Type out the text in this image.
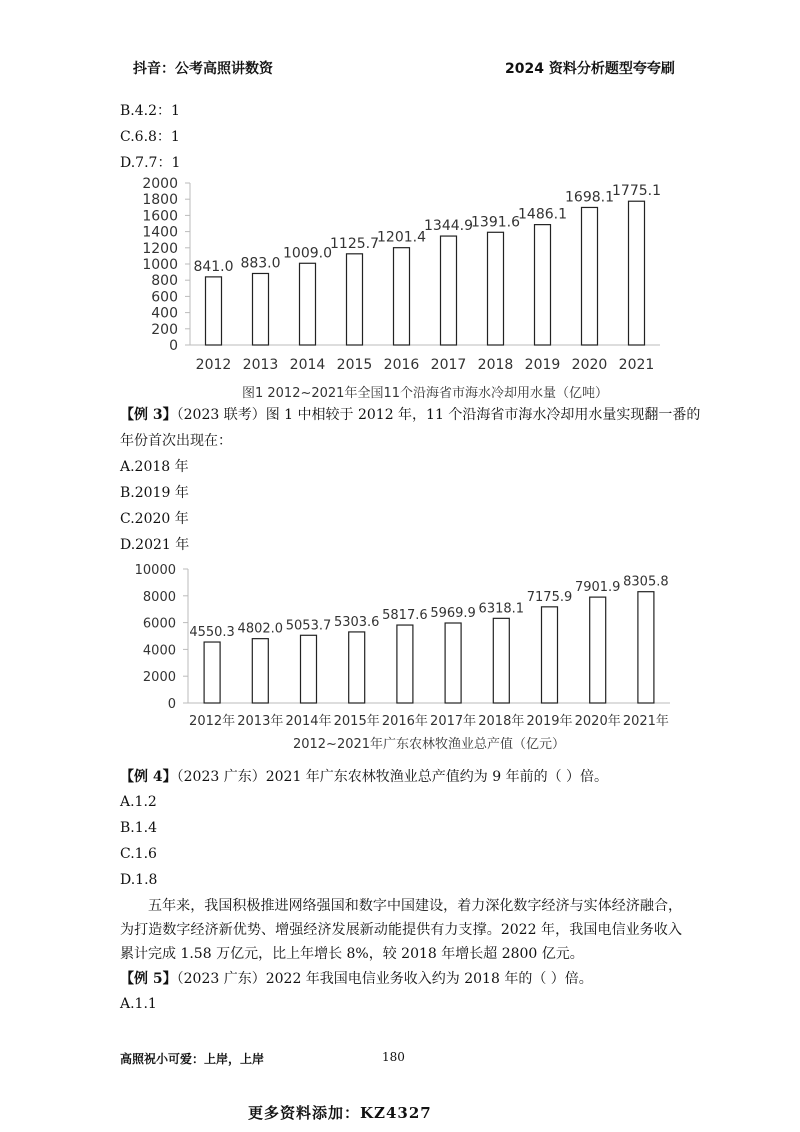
抖音：公考高照讲数资	2024 资料分析题型夸夸刷
B.4.2：1
C.6.8：1
D.7.7：1
0
200
400
600
800
1000
1200
1400
1600
1800
2000
841.0
2012
883.0
2013
1009.0
2014
1125.7
2015
1201.4
2016
1344.9
2017
1391.6
2018
1486.1
2019
1698.1
2020
1775.1
2021
图1 2012~2021年全国11个沿海省市海水冷却用水量（亿吨）
【例 3】（2023 联考）图 1 中相较于 2012 年，11 个沿海省市海水冷却用水量实现翻一番的
年份首次出现在：
A.2018 年
B.2019 年
C.2020 年
D.2021 年
0
2000
4000
6000
8000
10000
4550.3
2012年
4802.0
2013年
5053.7
2014年
5303.6
2015年
5817.6
2016年
5969.9
2017年
6318.1
2018年
7175.9
2019年
7901.9
2020年
8305.8
2021年
2012~2021年广东农林牧渔业总产值（亿元）
【例 4】（2023 广东）2021 年广东农林牧渔业总产值约为 9 年前的（ ）倍。
A.1.2
B.1.4
C.1.6
D.1.8
五年来，我国积极推进网络强国和数字中国建设，着力深化数字经济与实体经济融合，为打造数字经济新优势、增强经济发展新动能提供有力支撑。2022 年，我国电信业务收入累计完成 1.58 万亿元，比上年增长 8%，较 2018 年增长超 2800 亿元。
【例 5】（2023 广东）2022 年我国电信业务收入约为 2018 年的（ ）倍。
A.1.1
高照祝小可爱：上岸，上岸	180
更多资料添加：KZ4327
